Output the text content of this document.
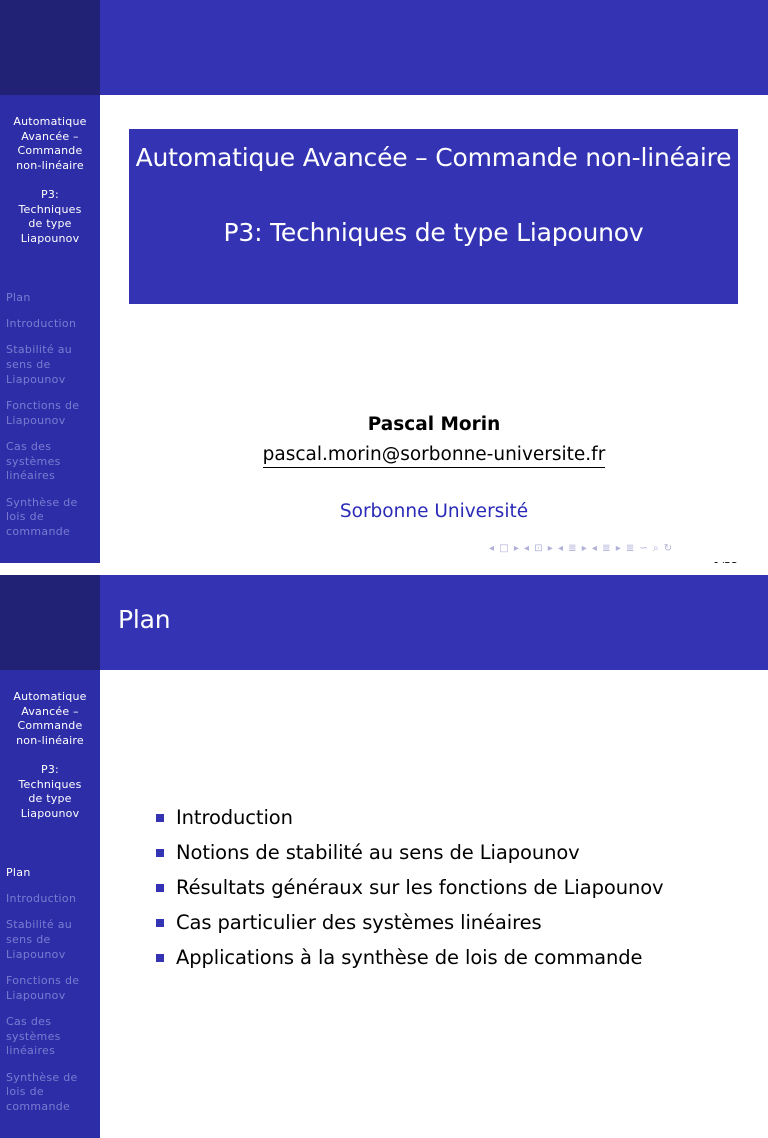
Automatique

Avancée –

Commande

non-linéaire

P3:

Techniques

de type

Liapounov

Plan
Introduction
Stabilité au sens de Liapounov
Fonctions de Liapounov
Cas des systèmes linéaires
Synthèse de lois de commande
Automatique Avancée – Commande non-linéaire
P3: Techniques de type Liapounov
Pascal Morin
pascal.morin@sorbonne-universite.fr
Sorbonne Université
◂ □ ▸ ◂ ⊡ ▸ ◂ ≣ ▸ ◂ ≣ ▸ ≣ ∽ ⌕ ↻
Plan

Automatique

Avancée –

Commande

non-linéaire

P3:

Techniques

de type

Liapounov

Plan
Introduction
Stabilité au sens de Liapounov
Fonctions de Liapounov
Cas des systèmes linéaires
Synthèse de lois de commande
Introduction
Notions de stabilité au sens de Liapounov
Résultats généraux sur les fonctions de Liapounov
Cas particulier des systèmes linéaires
Applications à la synthèse de lois de commande
